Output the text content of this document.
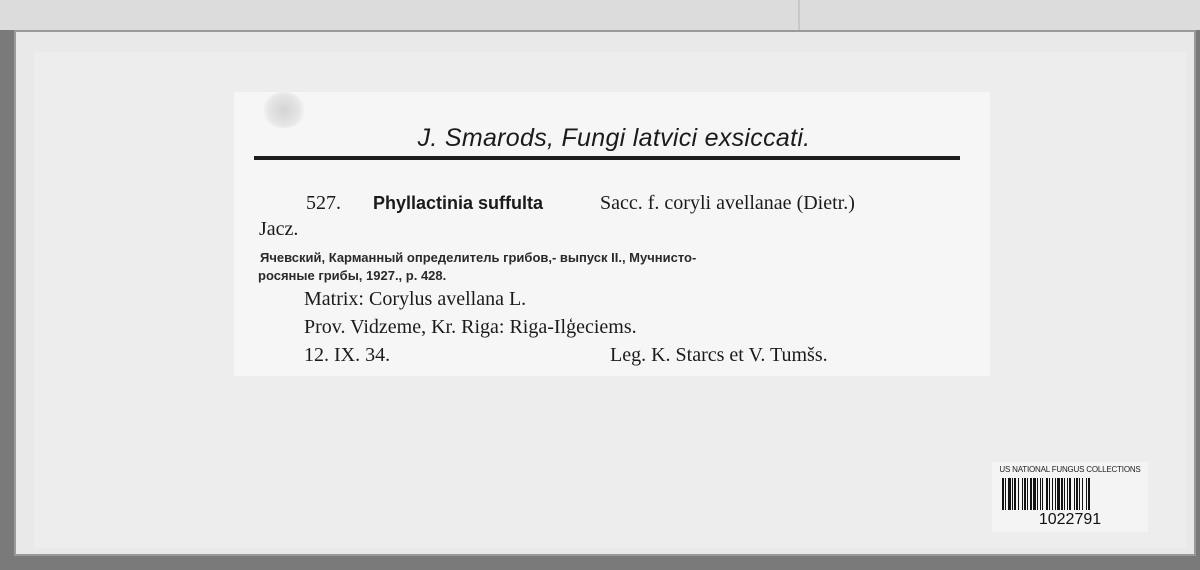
J. Smarods, Fungi latvici exsiccati.
527. Phyllactinia suffulta	Sacc. f. coryli avellanae (Dietr.)
Jacz.
Ячевский, Карманный определитель грибов,- выпуск II., Мучнисто-
росяные грибы, 1927., p. 428.
Matrix: Corylus avellana L.
Prov. Vidzeme, Kr. Riga: Riga-Ilģeciems.
12. IX. 34.	Leg. K. Starcs et V. Tumšs.
US NATIONAL FUNGUS COLLECTIONS
1022791
